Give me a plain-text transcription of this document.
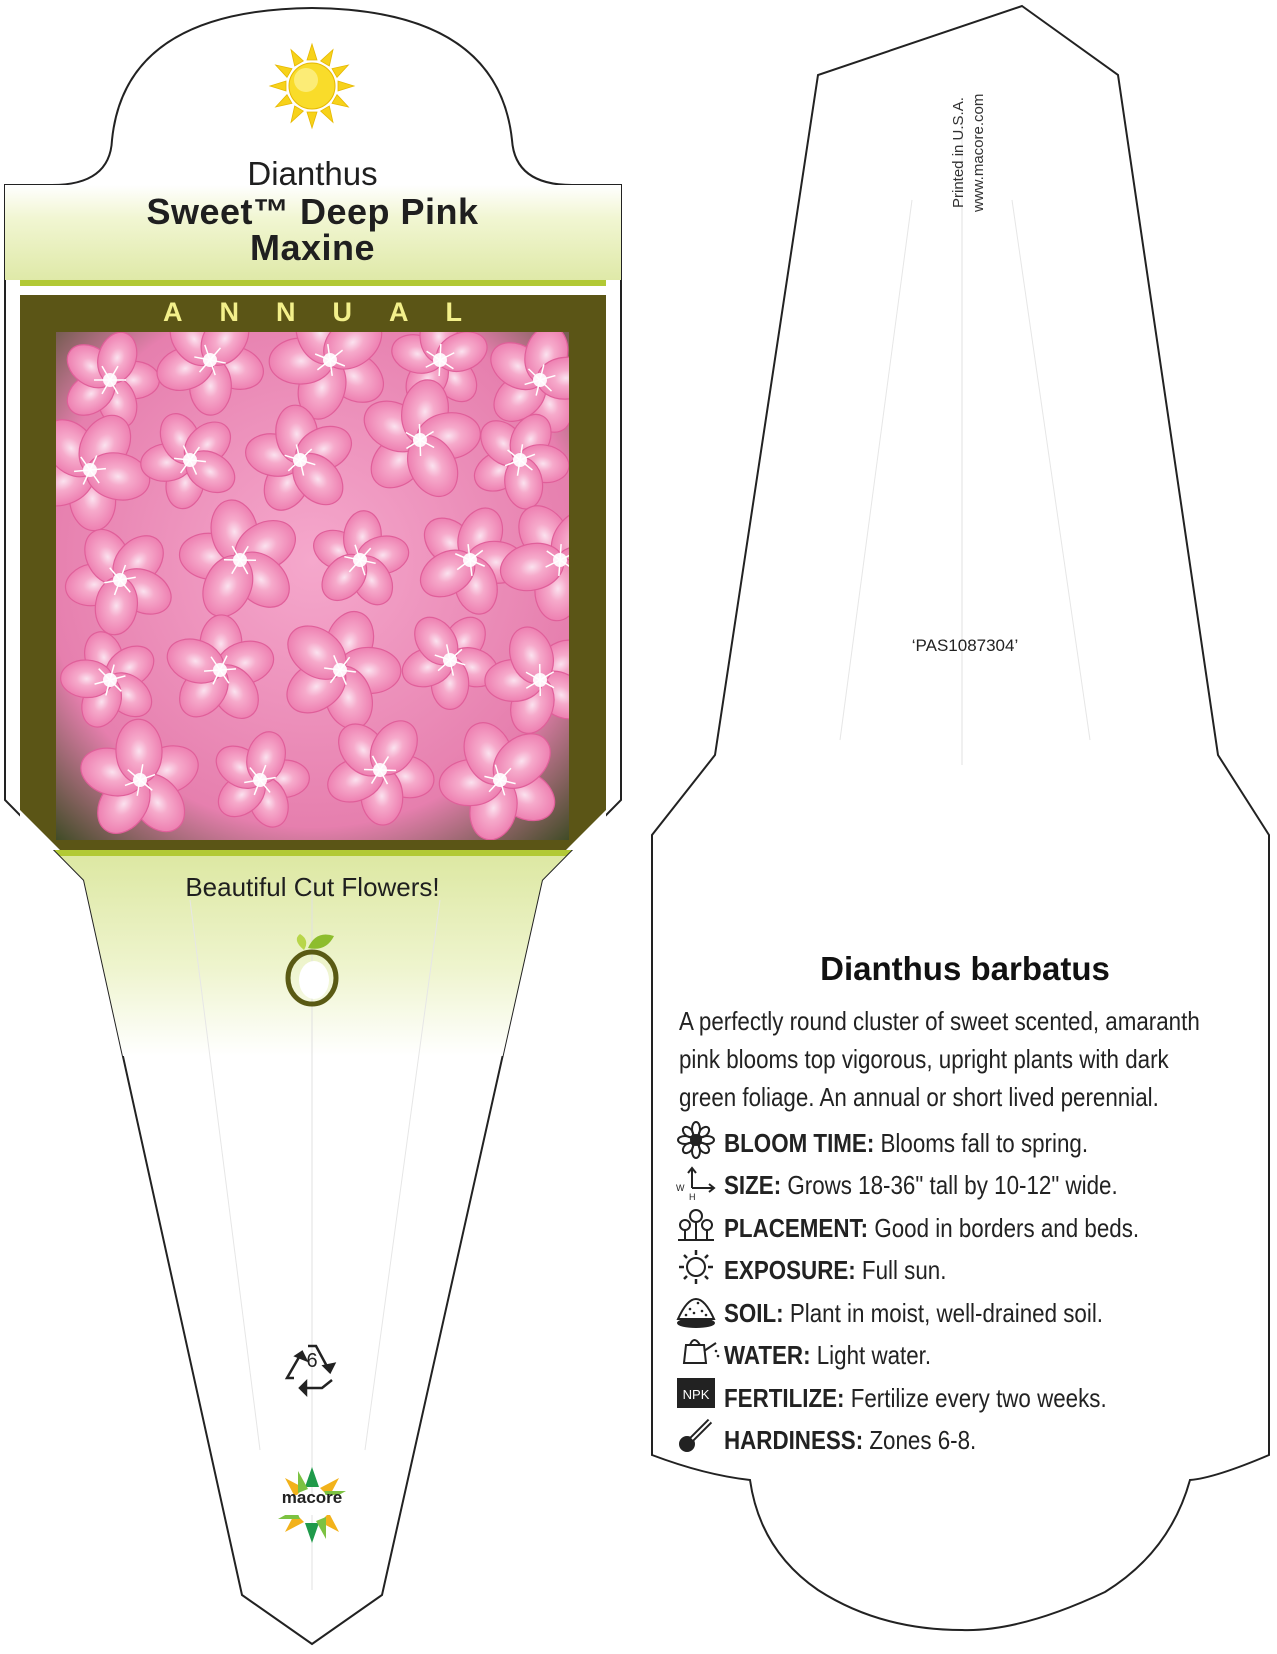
W
H
NPK
Dianthus
Sweet™ Deep Pink
Maxine
ANNUAL
Beautiful Cut Flowers!
6
macore
Printed in U.S.A. www.macore.com
‘PAS1087304’
Dianthus barbatus
A perfectly round cluster of sweet scented, amaranth pink blooms top vigorous, upright plants with dark green foliage. An annual or short lived perennial.
BLOOM TIME: Blooms fall to spring.
SIZE: Grows 18-36" tall by 10-12" wide.
PLACEMENT: Good in borders and beds.
EXPOSURE: Full sun.
SOIL: Plant in moist, well-drained soil.
WATER: Light water.
FERTILIZE: Fertilize every two weeks.
HARDINESS: Zones 6-8.
